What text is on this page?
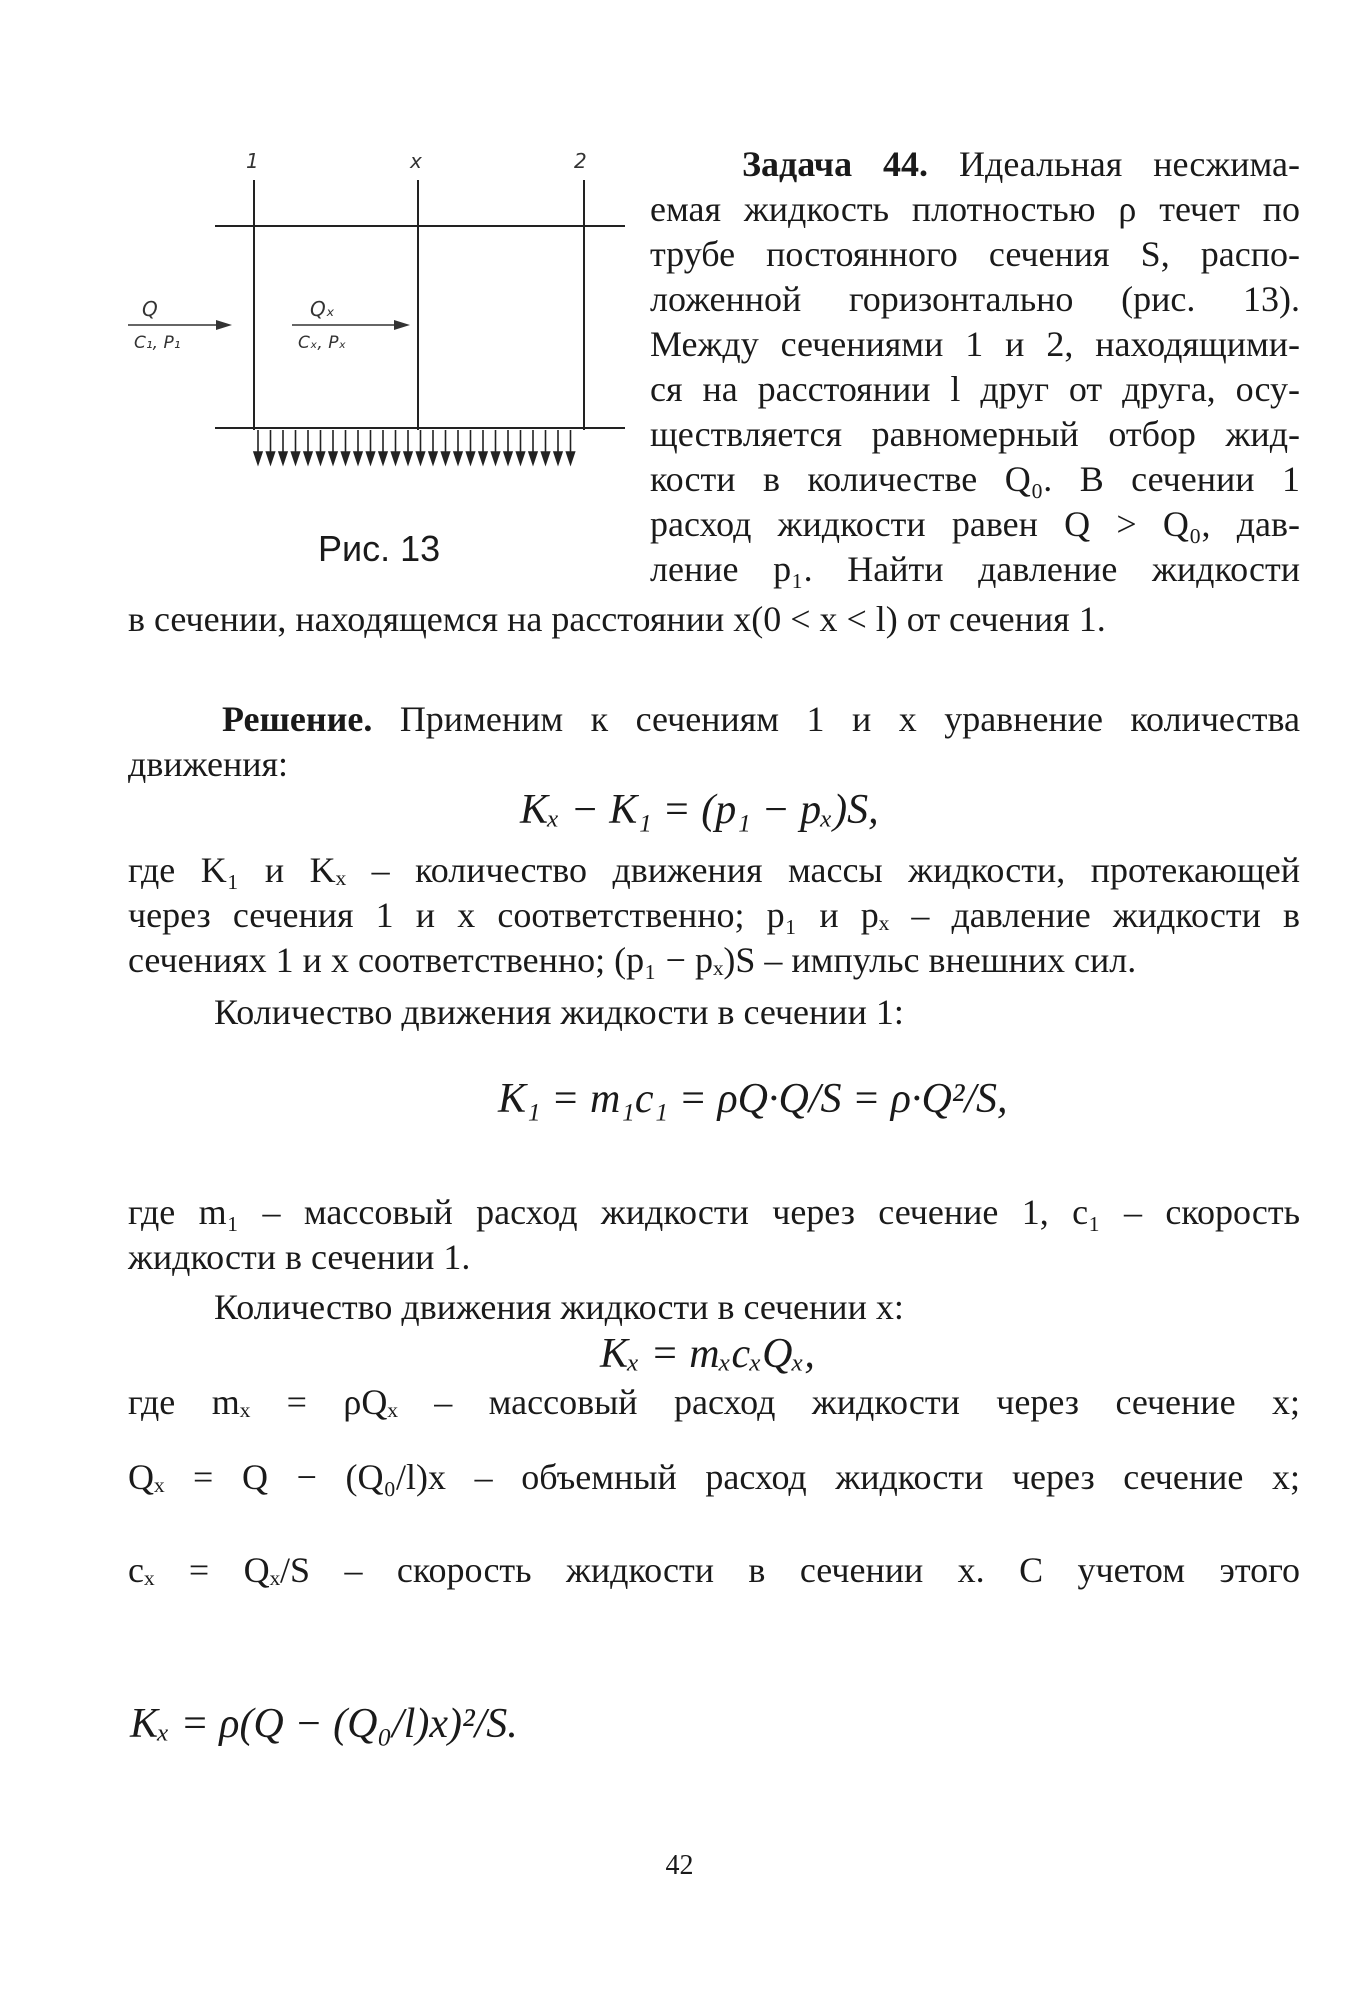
1	x	2
Q
C₁, P₁
Qₓ
Cₓ, Pₓ
Рис. 13

Задача 44. Идеальная несжима-

емая жидкость плотностью ρ течет по

трубе постоянного сечения S, распо-

ложенной горизонтально (рис. 13).

Между сечениями 1 и 2, находящими-

ся на расстоянии l друг от друга, осу-

ществляется равномерный отбор жид-

кости в количестве Q₀. В сечении 1

расход жидкости равен Q > Q₀, дав-

ление p₁. Найти давление жидкости

в сечении, находящемся на расстоянии x(0 < x < l) от сечения 1.

Решение. Применим к сечениям 1 и x уравнение количества

движения:

Kₓ − K₁ = (p₁ − pₓ)S,

где K₁ и Kₓ – количество движения массы жидкости, протекающей

через сечения 1 и x соответственно; p₁ и pₓ – давление жидкости в

сечениях 1 и x соответственно; (p₁ − pₓ)S – импульс внешних сил.

Количество движения жидкости в сечении 1:

K₁ = m₁c₁ = ρQ·Q/S = ρ·Q²/S,

где m₁ – массовый расход жидкости через сечение 1, c₁ – скорость

жидкости в сечении 1.

Количество движения жидкости в сечении x:

Kₓ = mₓcₓQₓ,

где mₓ = ρQₓ – массовый расход жидкости через сечение x;

Qₓ = Q − (Q₀/l)x – объемный расход жидкости через сечение x;

cₓ = Qₓ/S – скорость жидкости в сечении x. С учетом этого

Kₓ = ρ(Q − (Q₀/l)x)²/S.
42
